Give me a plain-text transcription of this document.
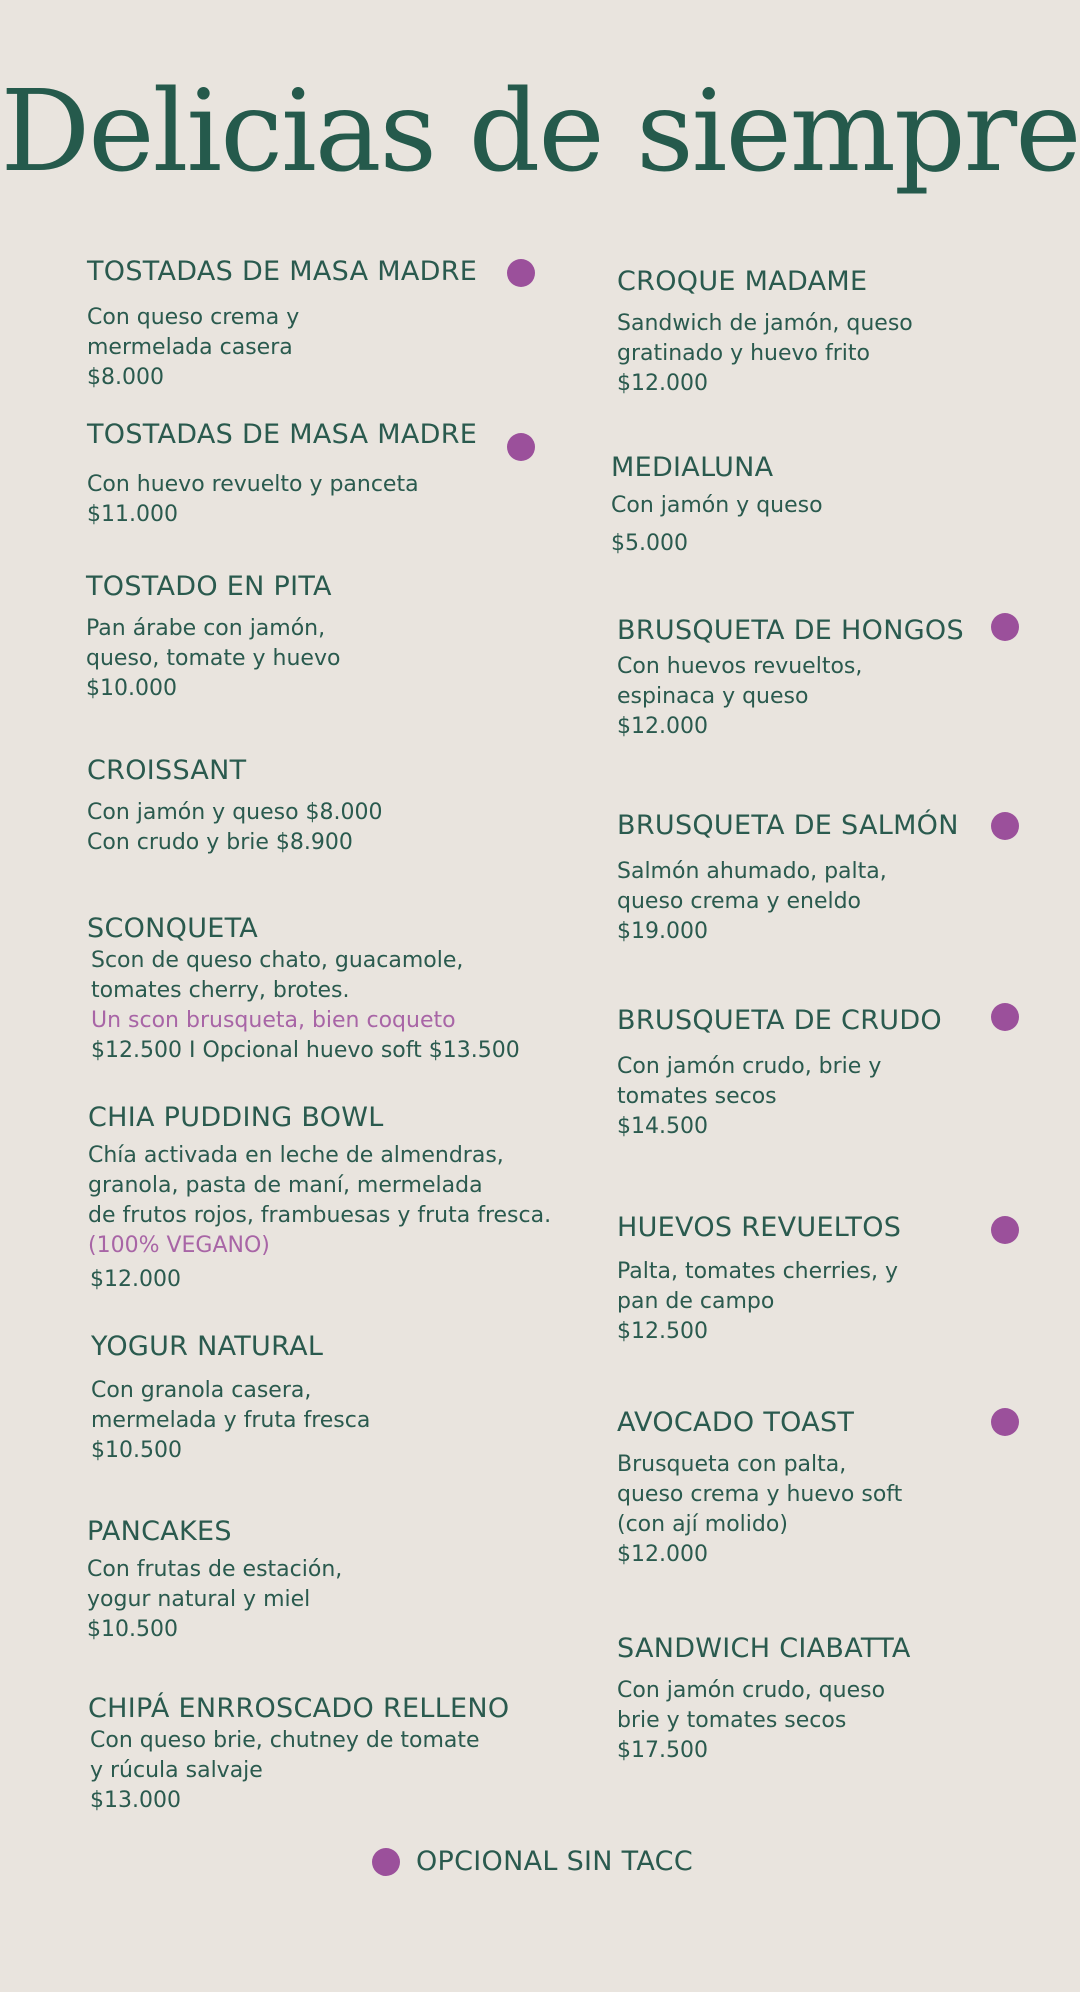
Delicias de siempre
TOSTADAS DE MASA MADRE
Con queso crema y
mermelada casera
$8.000
TOSTADAS DE MASA MADRE
Con huevo revuelto y panceta
$11.000
TOSTADO EN PITA
Pan árabe con jamón,
queso, tomate y huevo
$10.000
CROISSANT
Con jamón y queso $8.000
Con crudo y brie $8.900
SCONQUETA
Scon de queso chato, guacamole,
tomates cherry, brotes.
Un scon brusqueta, bien coqueto
$12.500 I Opcional huevo soft $13.500
CHIA PUDDING BOWL
Chía activada en leche de almendras,
granola, pasta de maní, mermelada
de frutos rojos, frambuesas y fruta fresca.
(100% VEGANO)
$12.000
YOGUR NATURAL
Con granola casera,
mermelada y fruta fresca
$10.500
PANCAKES
Con frutas de estación,
yogur natural y miel
$10.500
CHIPÁ ENRROSCADO RELLENO
Con queso brie, chutney de tomate
y rúcula salvaje
$13.000
CROQUE MADAME
Sandwich de jamón, queso
gratinado y huevo frito
$12.000
MEDIALUNA
Con jamón y queso
$5.000
BRUSQUETA DE HONGOS
Con huevos revueltos,
espinaca y queso
$12.000
BRUSQUETA DE SALMÓN
Salmón ahumado, palta,
queso crema y eneldo
$19.000
BRUSQUETA DE CRUDO
Con jamón crudo, brie y
tomates secos
$14.500
HUEVOS REVUELTOS
Palta, tomates cherries, y
pan de campo
$12.500
AVOCADO TOAST
Brusqueta con palta,
queso crema y huevo soft
(con ají molido)
$12.000
SANDWICH CIABATTA
Con jamón crudo, queso
brie y tomates secos
$17.500
OPCIONAL SIN TACC
